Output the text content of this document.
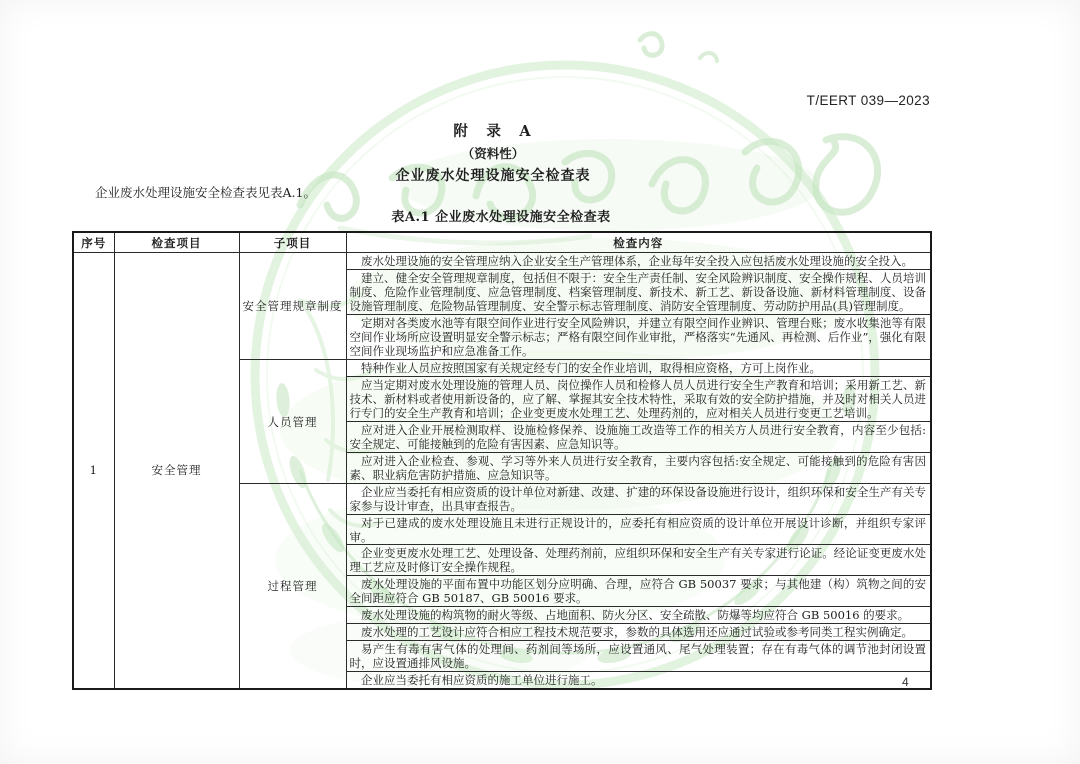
T/EERT 039—2023
附　录　A
（资料性）
企业废水处理设施安全检查表

企业废水处理设施安全检查表见表A.1。

表A.1 企业废水处理设施安全检查表
序号	检查项目	子项目	检查内容
1	安全管理	安全管理规章制度	废水处理设施的安全管理应纳入企业安全生产管理体系，企业每年安全投入应包括废水处理设施的安全投入。
			建立、健全安全管理规章制度，包括但不限于：安全生产责任制、安全风险辨识制度、安全操作规程、人员培训制度、危险作业管理制度、应急管理制度、档案管理制度、新技术、新工艺、新设备设施、新材料管理制度、设备设施管理制度、危险物品管理制度、安全警示标志管理制度、消防安全管理制度、劳动防护用品(具)管理制度。
			定期对各类废水池等有限空间作业进行安全风险辨识，并建立有限空间作业辨识、管理台账；废水收集池等有限空间作业场所应设置明显安全警示标志；严格有限空间作业审批，严格落实“先通风、再检测、后作业”，强化有限空间作业现场监护和应急准备工作。
		人员管理	特种作业人员应按照国家有关规定经专门的安全作业培训，取得相应资格，方可上岗作业。
			应当定期对废水处理设施的管理人员、岗位操作人员和检修人员人员进行安全生产教育和培训；采用新工艺、新技术、新材料或者使用新设备的，应了解、掌握其安全技术特性，采取有效的安全防护措施，并及时对相关人员进行专门的安全生产教育和培训；企业变更废水处理工艺、处理药剂的，应对相关人员进行变更工艺培训。
			应对进入企业开展检测取样、设施检修保养、设施施工改造等工作的相关方人员进行安全教育，内容至少包括:安全规定、可能接触到的危险有害因素、应急知识等。
			应对进入企业检查、参观、学习等外来人员进行安全教育，主要内容包括:安全规定、可能接触到的危险有害因素、职业病危害防护措施、应急知识等。
		过程管理	企业应当委托有相应资质的设计单位对新建、改建、扩建的环保设备设施进行设计，组织环保和安全生产有关专家参与设计审查，出具审查报告。
			对于已建成的废水处理设施且未进行正规设计的，应委托有相应资质的设计单位开展设计诊断，并组织专家评审。
			企业变更废水处理工艺、处理设备、处理药剂前，应组织环保和安全生产有关专家进行论证。经论证变更废水处理工艺应及时修订安全操作规程。
			废水处理设施的平面布置中功能区划分应明确、合理，应符合 GB 50037 要求；与其他建（构）筑物之间的安全间距应符合 GB 50187、GB 50016 要求。
			废水处理设施的构筑物的耐火等级、占地面积、防火分区、安全疏散、防爆等均应符合 GB 50016 的要求。
			废水处理的工艺设计应符合相应工程技术规范要求，参数的具体选用还应通过试验或参考同类工程实例确定。
			易产生有毒有害气体的处理间、药剂间等场所，应设置通风、尾气处理装置；存在有毒气体的调节池封闭设置时，应设置通排风设施。
			企业应当委托有相应资质的施工单位进行施工。	4
